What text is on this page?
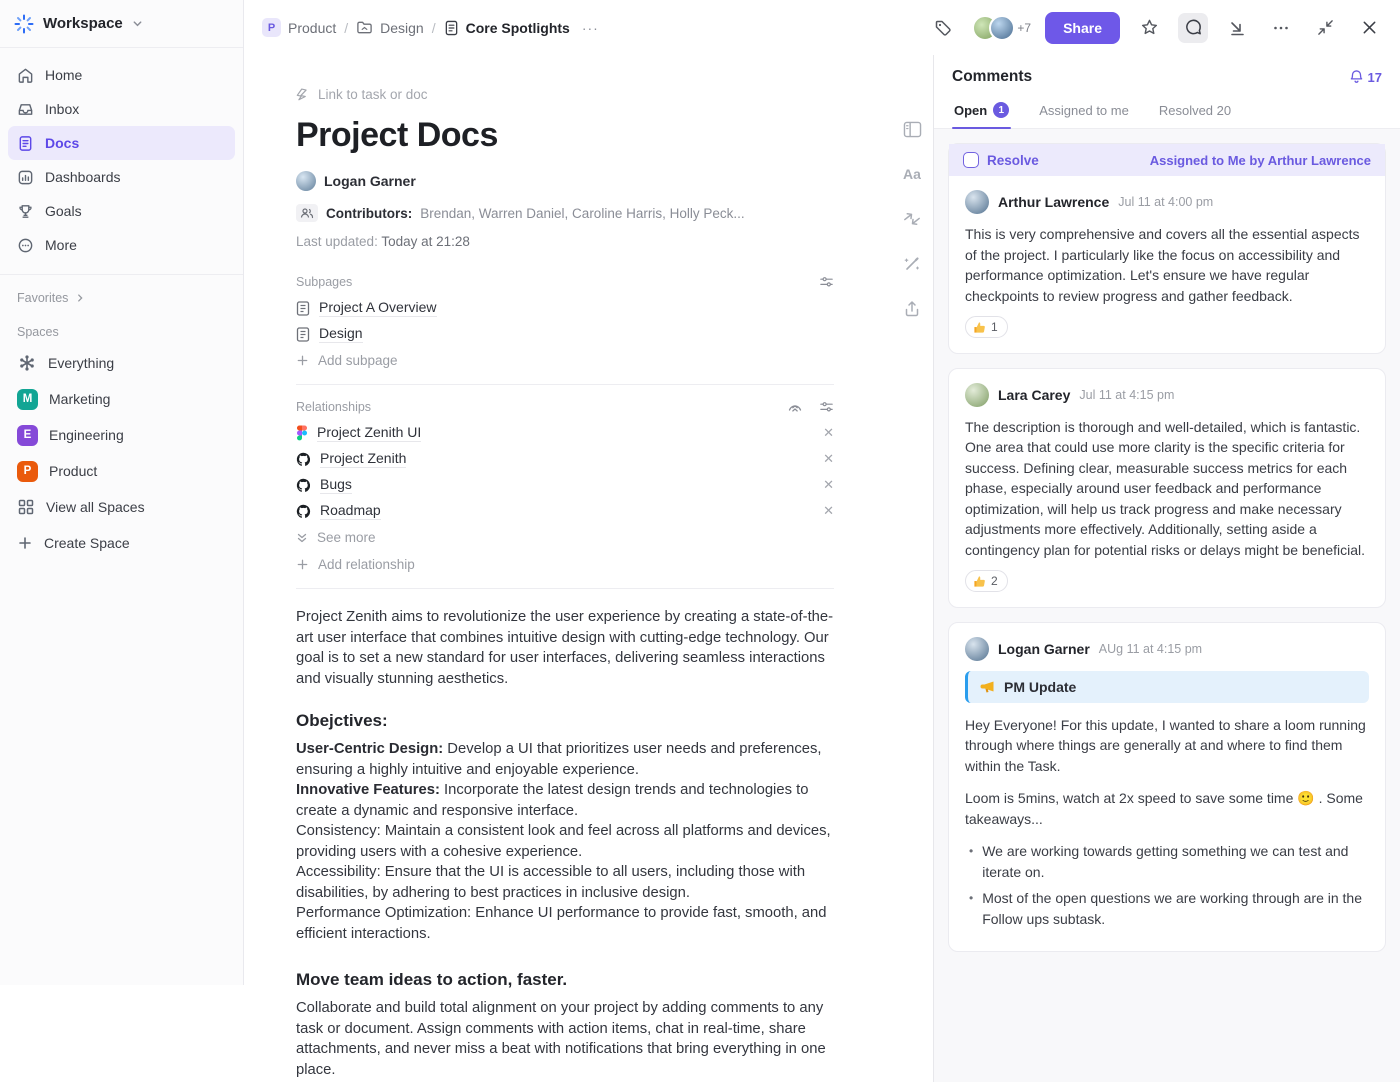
Workspace
Home
Inbox
Docs
Dashboards
Goals
More
Favorites
Spaces
Everything
M	Marketing
E	Engineering
P	Product
View all Spaces
Create Space
P Product / Design / Core Spotlights ···	+7	Share
Link to task or doc
Project Docs
Logan Garner
Contributors: Brendan, Warren Daniel, Caroline Harris, Holly Peck...
Last updated: Today at 21:28
Subpages
Project A Overview
Design
Add subpage
Relationships
Project Zenith UI	✕
Project Zenith	✕
Bugs	✕
Roadmap	✕
See more
Add relationship

Project Zenith aims to revolutionize the user experience by creating a state-of-the-art user interface that combines intuitive design with cutting-edge technology. Our goal is to set a new standard for user interfaces, delivering seamless interactions and visually stunning aesthetics.

Obejctives:
User-Centric Design: Develop a UI that prioritizes user needs and preferences, ensuring a highly intuitive and enjoyable experience.
Innovative Features: Incorporate the latest design trends and technologies to create a dynamic and responsive interface.
Consistency: Maintain a consistent look and feel across all platforms and devices, providing users with a cohesive experience.
Accessibility: Ensure that the UI is accessible to all users, including those with disabilities, by adhering to best practices in inclusive design.
Performance Optimization: Enhance UI performance to provide fast, smooth, and efficient interactions.
Move team ideas to action, faster.

Collaborate and build total alignment on your project by adding comments to any task or document. Assign comments with action items, chat in real-time, share attachments, and never miss a beat with notifications that bring everything in one place.

Aa
Comments	17
Open	1	Assigned to me Resolved 20
Resolve	Assigned to Me by Arthur Lawrence
Arthur Lawrence Jul 11 at 4:00 pm
This is very comprehensive and covers all the essential aspects of the project. I particularly like the focus on accessibility and performance optimization. Let's ensure we have regular checkpoints to review progress and gather feedback.
1
Lara Carey Jul 11 at 4:15 pm
The description is thorough and well-detailed, which is fantastic. One area that could use more clarity is the specific criteria for success. Defining clear, measurable success metrics for each phase, especially around user feedback and performance optimization, will help us track progress and make necessary adjustments more effectively. Additionally, setting aside a contingency plan for potential risks or delays might be beneficial.
2
Logan Garner AUg 11 at 4:15 pm
PM Update

Hey Everyone! For this update, I wanted to share a loom running through where things are generally at and where to find them within the Task.

Loom is 5mins, watch at 2x speed to save some time 🙂 . Some takeaways...

• We are working towards getting something we can test and iterate on.
• Most of the open questions we are working through are in the Follow ups subtask.
